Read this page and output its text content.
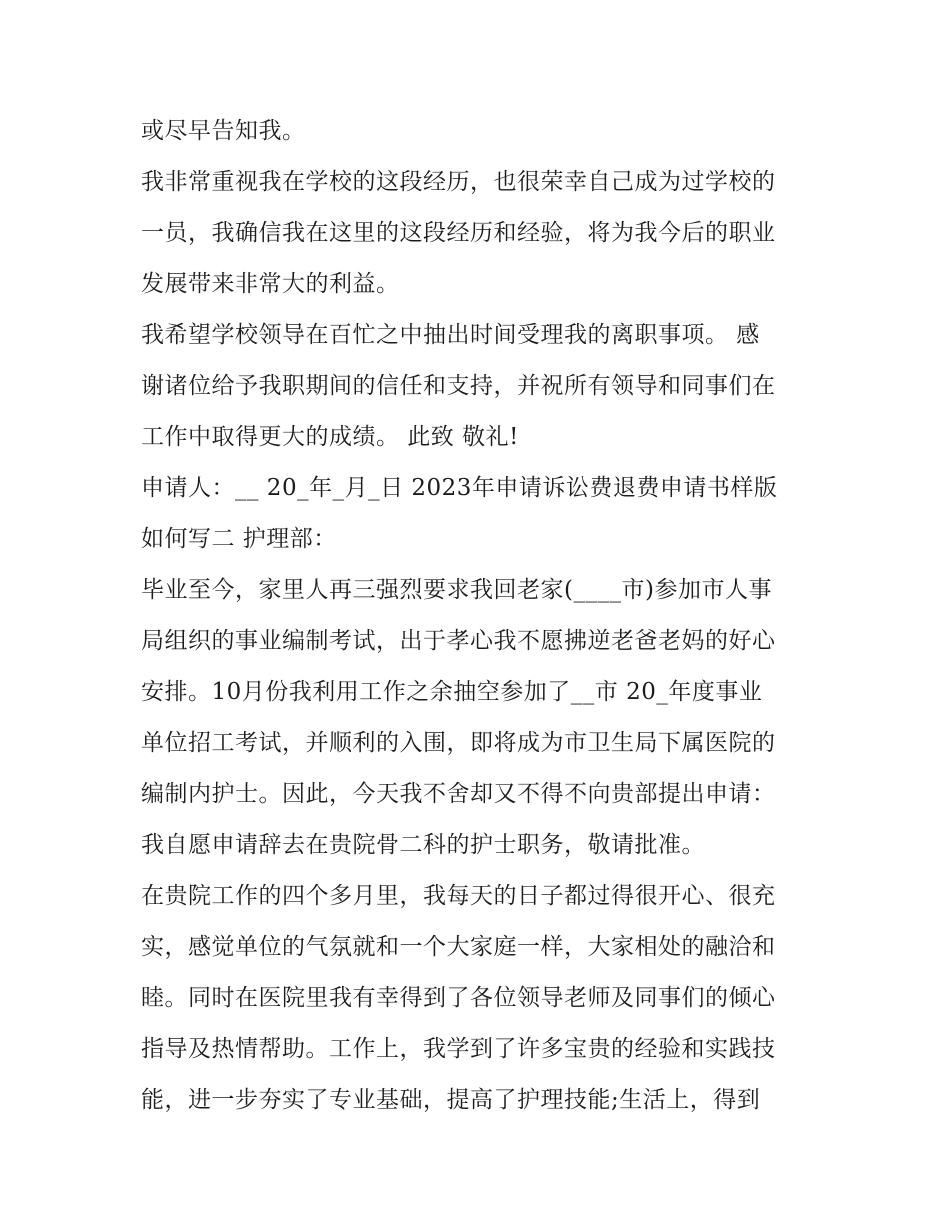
或尽早告知我。
我非常重视我在学校的这段经历，也很荣幸自己成为过学校的
一员，我确信我在这里的这段经历和经验，将为我今后的职业
发展带来非常大的利益。
我希望学校领导在百忙之中抽出时间受理我的离职事项。 感
谢诸位给予我职期间的信任和支持，并祝所有领导和同事们在
工作中取得更大的成绩。 此致 敬礼!
申请人：__ 20_年_月_日 2023年申请诉讼费退费申请书样版
如何写二 护理部：
毕业至今，家里人再三强烈要求我回老家(____市)参加市人事
局组织的事业编制考试，出于孝心我不愿拂逆老爸老妈的好心
安排。10月份我利用工作之余抽空参加了__市 20_年度事业
单位招工考试，并顺利的入围，即将成为市卫生局下属医院的
编制内护士。因此，今天我不舍却又不得不向贵部提出申请：
我自愿申请辞去在贵院骨二科的护士职务，敬请批准。
在贵院工作的四个多月里，我每天的日子都过得很开心、很充
实，感觉单位的气氛就和一个大家庭一样，大家相处的融洽和
睦。同时在医院里我有幸得到了各位领导老师及同事们的倾心
指导及热情帮助。工作上，我学到了许多宝贵的经验和实践技
能，进一步夯实了专业基础，提高了护理技能;生活上，得到
